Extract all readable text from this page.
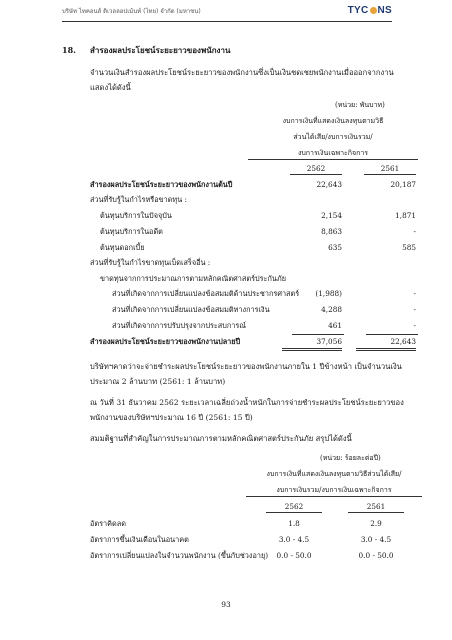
บริษัท ไทคอนส์ ดิเวลลอปเม้นท์ (ไทย) จำกัด (มหาชน)	TYC NS
18. สำรองผลประโยชน์ระยะยาวของพนักงาน
จำนวนเงินสำรองผลประโยชน์ระยะยาวของพนักงานซึ่งเป็นเงินชดเชยพนักงานเมื่อออกจากงาน
แสดงได้ดังนี้
(หน่วย: พันบาท)
งบการเงินที่แสดงเงินลงทุนตามวิธี
ส่วนได้เสีย/งบการเงินรวม/
งบการเงินเฉพาะกิจการ
2562	2561
สำรองผลประโยชน์ระยะยาวของพนักงานต้นปี	22,643	20,187
ส่วนที่รับรู้ในกำไรหรือขาดทุน :
ต้นทุนบริการในปัจจุบัน	2,154	1,871
ต้นทุนบริการในอดีต	8,863	-
ต้นทุนดอกเบี้ย	635	585
ส่วนที่รับรู้ในกำไรขาดทุนเบ็ดเสร็จอื่น :
ขาดทุนจากการประมาณการตามหลักคณิตศาสตร์ประกันภัย
ส่วนที่เกิดจากการเปลี่ยนแปลงข้อสมมติด้านประชากรศาสตร์	(1,988)	-
ส่วนที่เกิดจากการเปลี่ยนแปลงข้อสมมติทางการเงิน	4,288	-
ส่วนที่เกิดจากการปรับปรุงจากประสบการณ์	461	-
สำรองผลประโยชน์ระยะยาวของพนักงานปลายปี	37,056	22,643
บริษัทฯคาดว่าจะจ่ายชำระผลประโยชน์ระยะยาวของพนักงานภายใน 1 ปีข้างหน้า เป็นจำนวนเงิน
ประมาณ 2 ล้านบาท (2561: 1 ล้านบาท)
ณ วันที่ 31 ธันวาคม 2562 ระยะเวลาเฉลี่ยถ่วงน้ำหนักในการจ่ายชำระผลประโยชน์ระยะยาวของ
พนักงานของบริษัทฯประมาณ 16 ปี (2561: 15 ปี)
สมมติฐานที่สำคัญในการประมาณการตามหลักคณิตศาสตร์ประกันภัย สรุปได้ดังนี้
(หน่วย: ร้อยละต่อปี)
งบการเงินที่แสดงเงินลงทุนตามวิธีส่วนได้เสีย/
งบการเงินรวม/งบการเงินเฉพาะกิจการ
2562	2561
อัตราคิดลด	1.8	2.9
อัตราการขึ้นเงินเดือนในอนาคต	3.0 - 4.5	3.0 - 4.5
อัตราการเปลี่ยนแปลงในจำนวนพนักงาน (ขึ้นกับช่วงอายุ)	0.0 - 50.0	0.0 - 50.0
93
